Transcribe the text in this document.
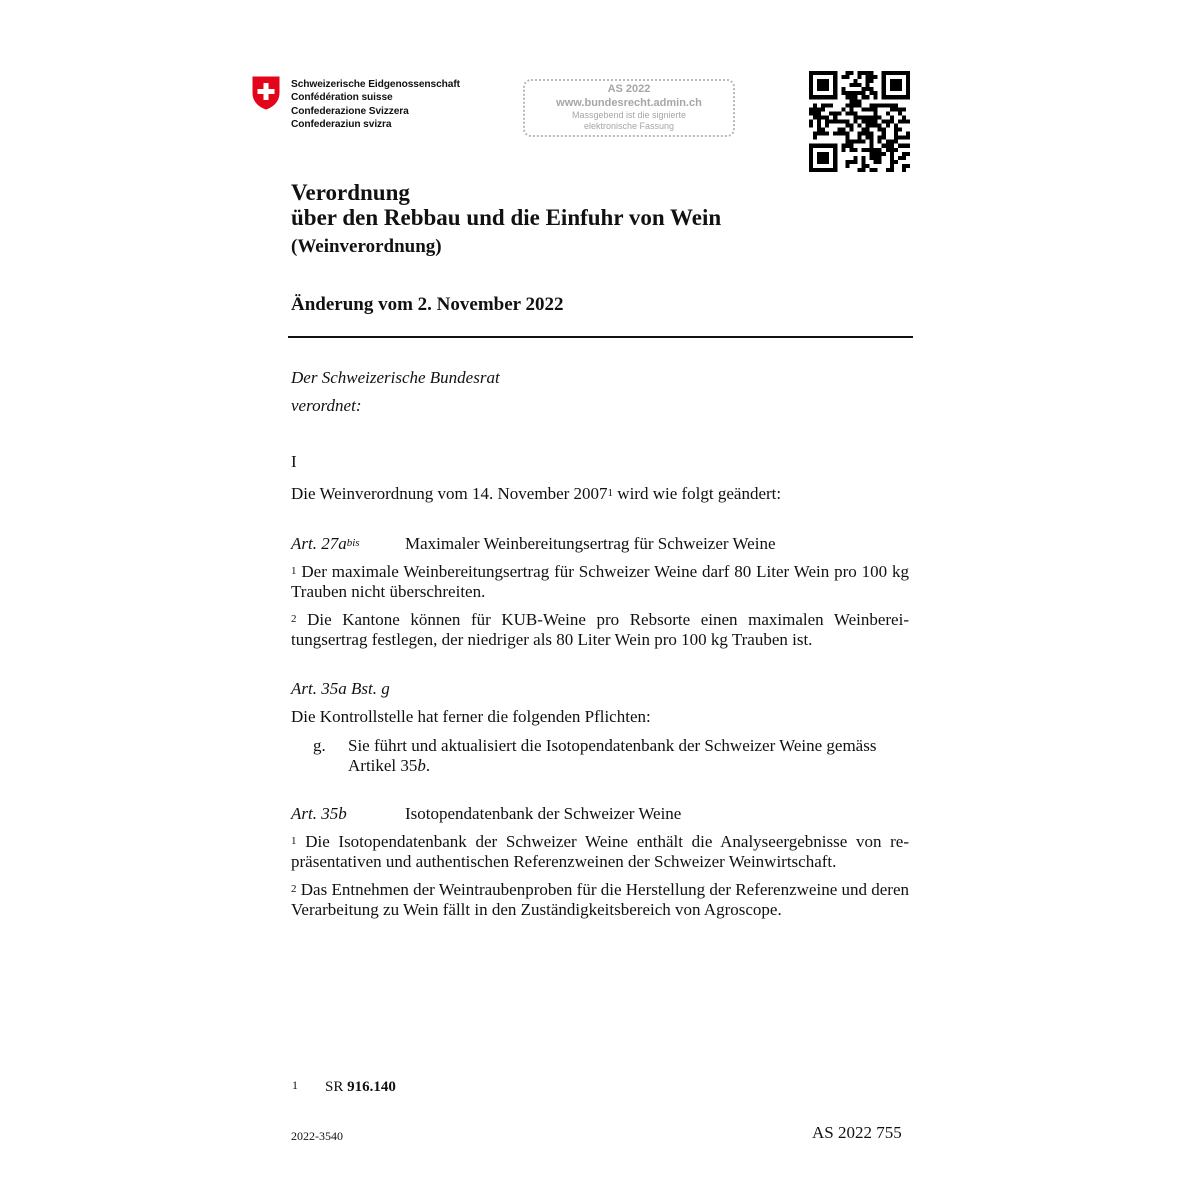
Schweizerische Eidgenossenschaft
Confédération suisse
Confederazione Svizzera
Confederaziun svizra
AS 2022
www.bundesrecht.admin.ch
Massgebend ist die signierte
elektronische Fassung
Verordnung
über den Rebbau und die Einfuhr von Wein
(Weinverordnung)
Änderung vom 2. November 2022
Der Schweizerische Bundesrat
verordnet:
I
Die Weinverordnung vom 14. November 2007$^1$ wird wie folgt geändert:
Art. $27a^{bis}$	Maximaler Weinbereitungsertrag für Schweizer Weine
$^1$ Der maximale Weinbereitungsertrag für Schweizer Weine darf 80 Liter Wein pro 100 kg Trauben nicht überschreiten.
$^2$ Die Kantone können für KUB-Weine pro Rebsorte einen maximalen Weinbereitungsertrag festlegen, der niedriger als 80 Liter Wein pro 100 kg Trauben ist.
Art. 35a Bst. g
Die Kontrollstelle hat ferner die folgenden Pflichten:
g. Sie führt und aktualisiert die Isotopendatenbank der Schweizer Weine gemäss Artikel 35b.
Art. 35b	Isotopendatenbank der Schweizer Weine
$^1$ Die Isotopendatenbank der Schweizer Weine enthält die Analyseergebnisse von repräsentativen und authentischen Referenzweinen der Schweizer Weinwirtschaft.
$^2$ Das Entnehmen der Weintraubenproben für die Herstellung der Referenzweine und deren Verarbeitung zu Wein fällt in den Zuständigkeitsbereich von Agroscope.
1 SR 916.140
2022-3540	AS 2022 755
